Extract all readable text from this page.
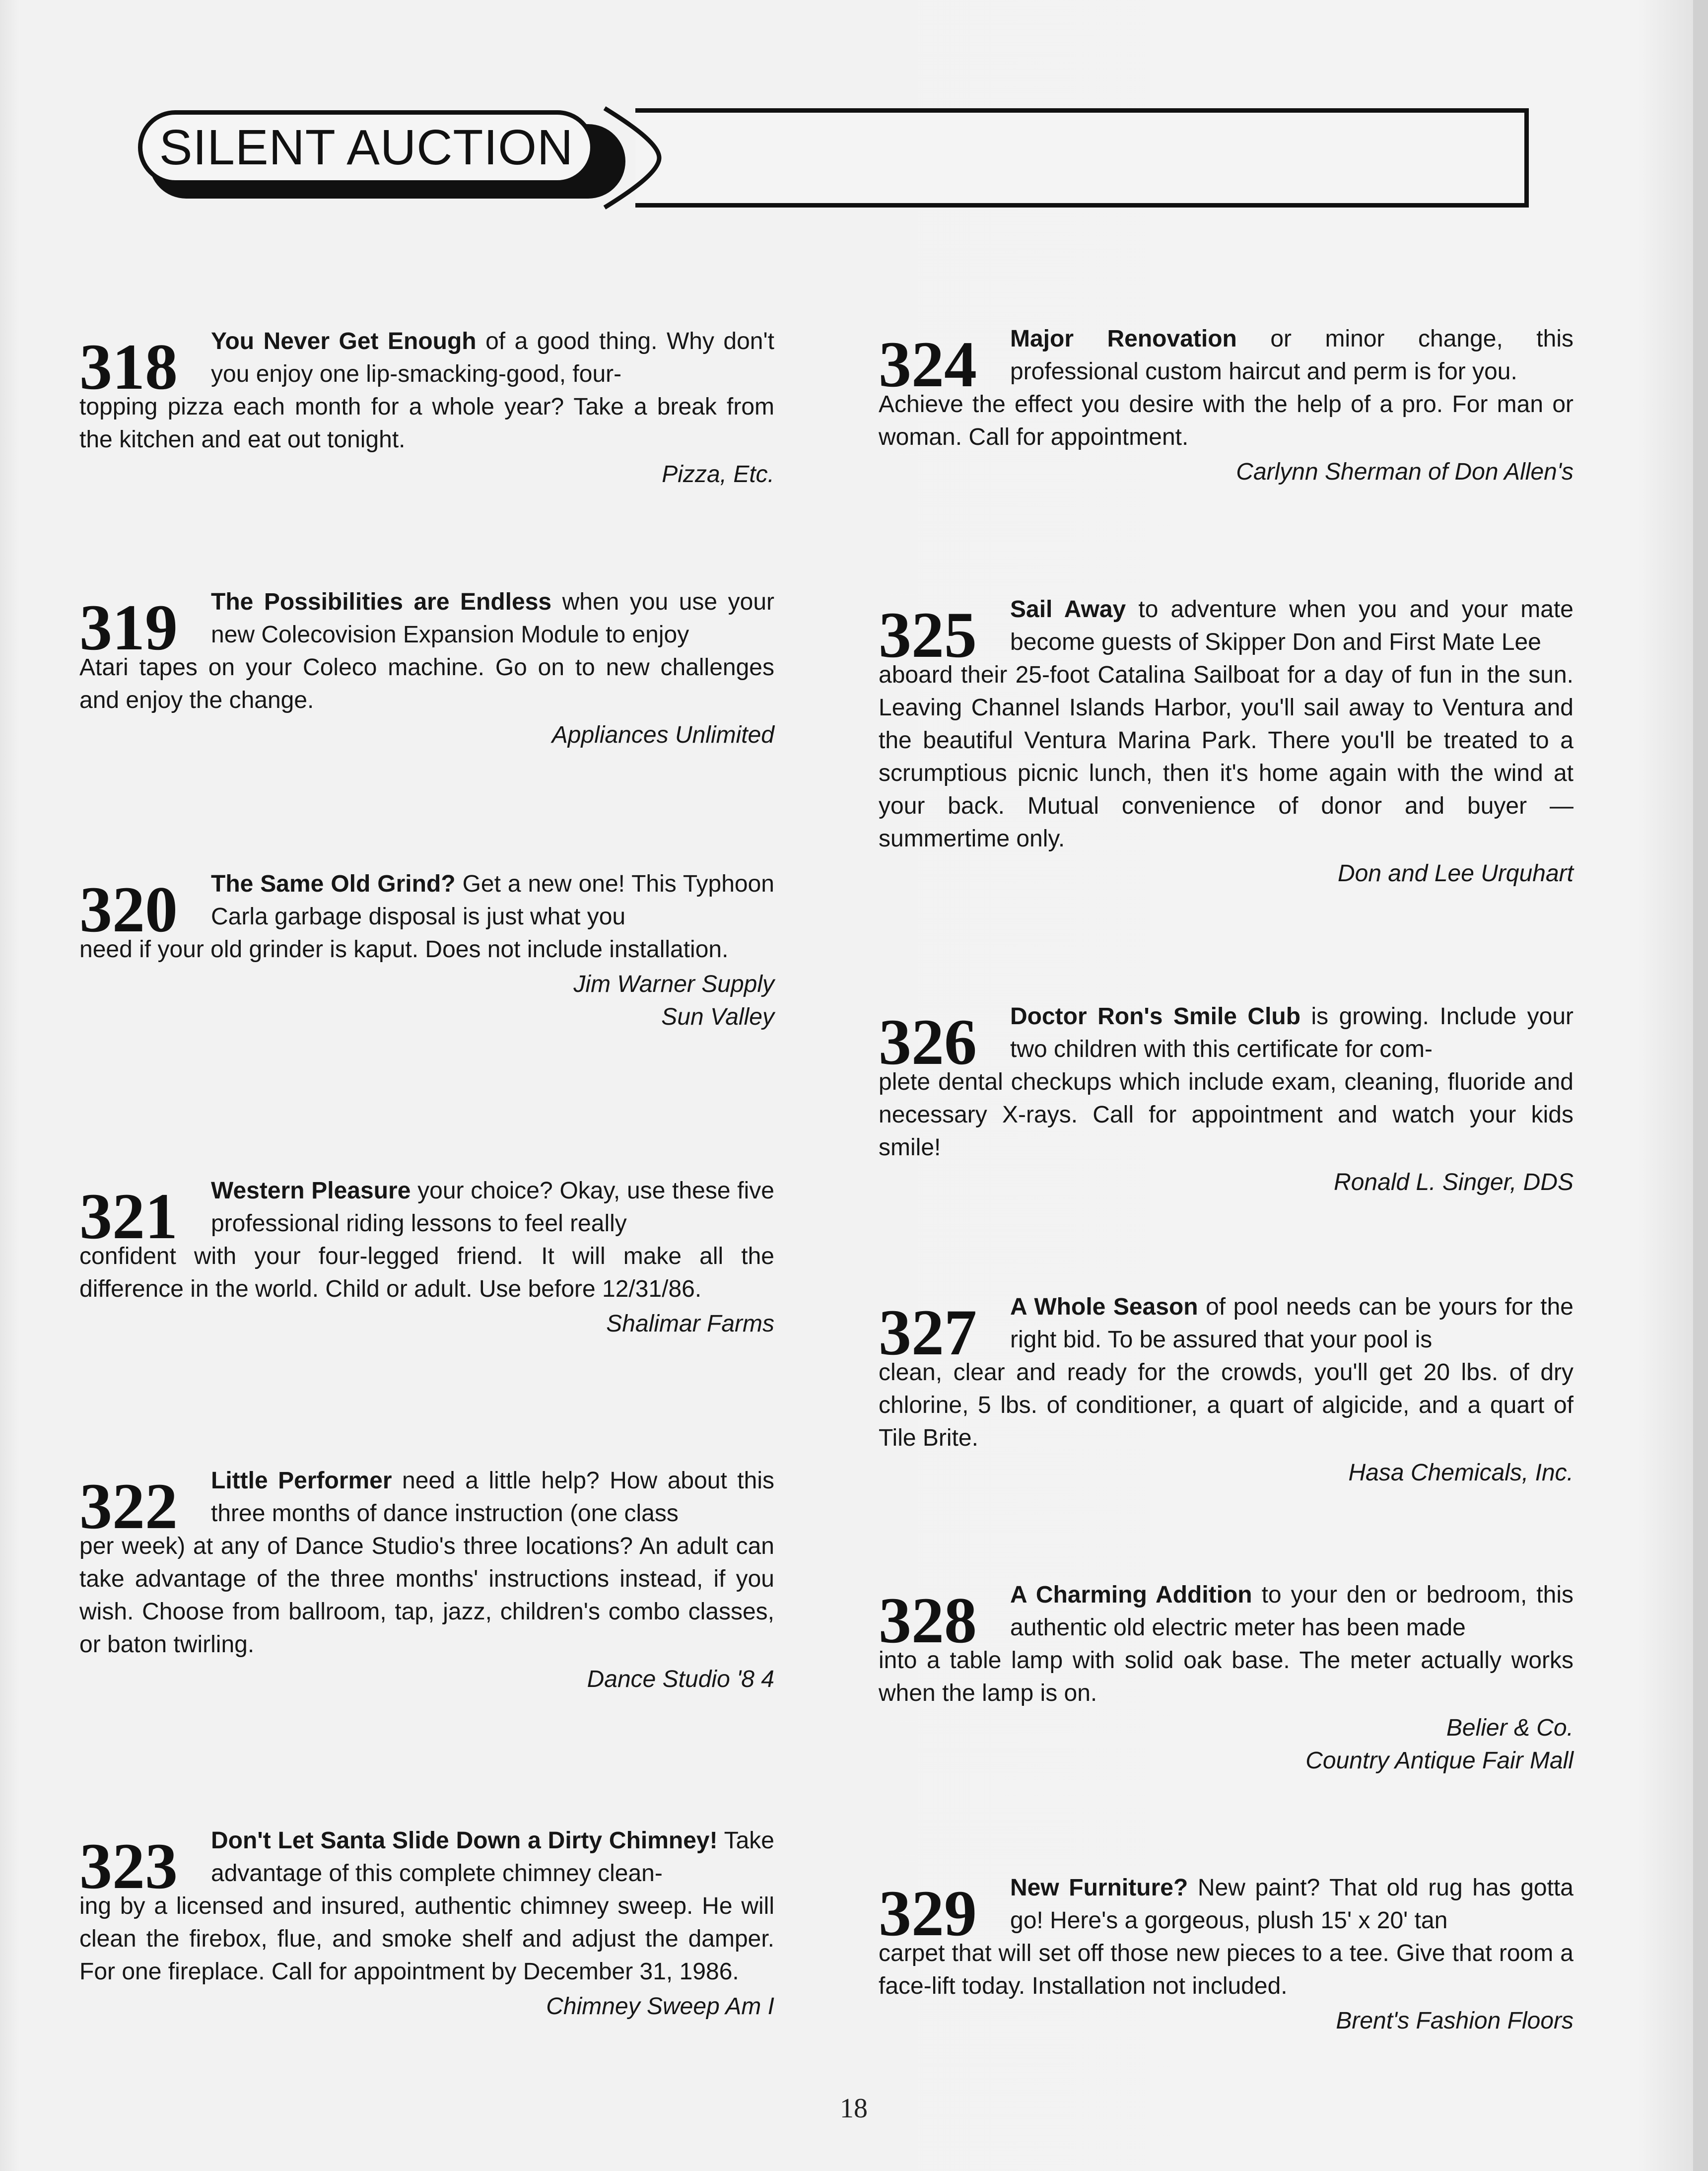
SILENT AUCTION
318	You Never Get Enough of a good thing. Why don't you enjoy one lip-smacking-good, four-
topping pizza each month for a whole year? Take a break from the kitchen and eat out tonight.
Pizza, Etc.
319	The Possibilities are Endless when you use your new Colecovision Expansion Module to enjoy
Atari tapes on your Coleco machine. Go on to new challenges and enjoy the change.
Appliances Unlimited
320	The Same Old Grind? Get a new one! This Typhoon Carla garbage disposal is just what you
need if your old grinder is kaput. Does not include installation.
Jim Warner Supply
Sun Valley
321	Western Pleasure your choice? Okay, use these five professional riding lessons to feel really
confident with your four-legged friend. It will make all the difference in the world. Child or adult. Use before 12/31/86.
Shalimar Farms
322	Little Performer need a little help? How about this three months of dance instruction (one class
per week) at any of Dance Studio's three locations? An adult can take advantage of the three months' instructions instead, if you wish. Choose from ballroom, tap, jazz, children's combo classes, or baton twirling.
Dance Studio '8 4
323	Don't Let Santa Slide Down a Dirty Chimney! Take advantage of this complete chimney clean-
ing by a licensed and insured, authentic chimney sweep. He will clean the firebox, flue, and smoke shelf and adjust the damper. For one fireplace. Call for appointment by December 31, 1986.
Chimney Sweep Am I
324	Major Renovation or minor change, this professional custom haircut and perm is for you.
Achieve the effect you desire with the help of a pro. For man or woman. Call for appointment.
Carlynn Sherman of Don Allen's
325	Sail Away to adventure when you and your mate become guests of Skipper Don and First Mate Lee
aboard their 25-foot Catalina Sailboat for a day of fun in the sun. Leaving Channel Islands Harbor, you'll sail away to Ventura and the beautiful Ventura Marina Park. There you'll be treated to a scrumptious picnic lunch, then it's home again with the wind at your back. Mutual convenience of donor and buyer — summertime only.
Don and Lee Urquhart
326	Doctor Ron's Smile Club is growing. Include your two children with this certificate for com-
plete dental checkups which include exam, cleaning, fluoride and necessary X-rays. Call for appointment and watch your kids smile!
Ronald L. Singer, DDS
327	A Whole Season of pool needs can be yours for the right bid. To be assured that your pool is
clean, clear and ready for the crowds, you'll get 20 lbs. of dry chlorine, 5 lbs. of conditioner, a quart of algicide, and a quart of Tile Brite.
Hasa Chemicals, Inc.
328	A Charming Addition to your den or bedroom, this authentic old electric meter has been made
into a table lamp with solid oak base. The meter actually works when the lamp is on.
Belier & Co.
Country Antique Fair Mall
329	New Furniture? New paint? That old rug has gotta go! Here's a gorgeous, plush 15' x 20' tan
carpet that will set off those new pieces to a tee. Give that room a face-lift today. Installation not included.
Brent's Fashion Floors
18
